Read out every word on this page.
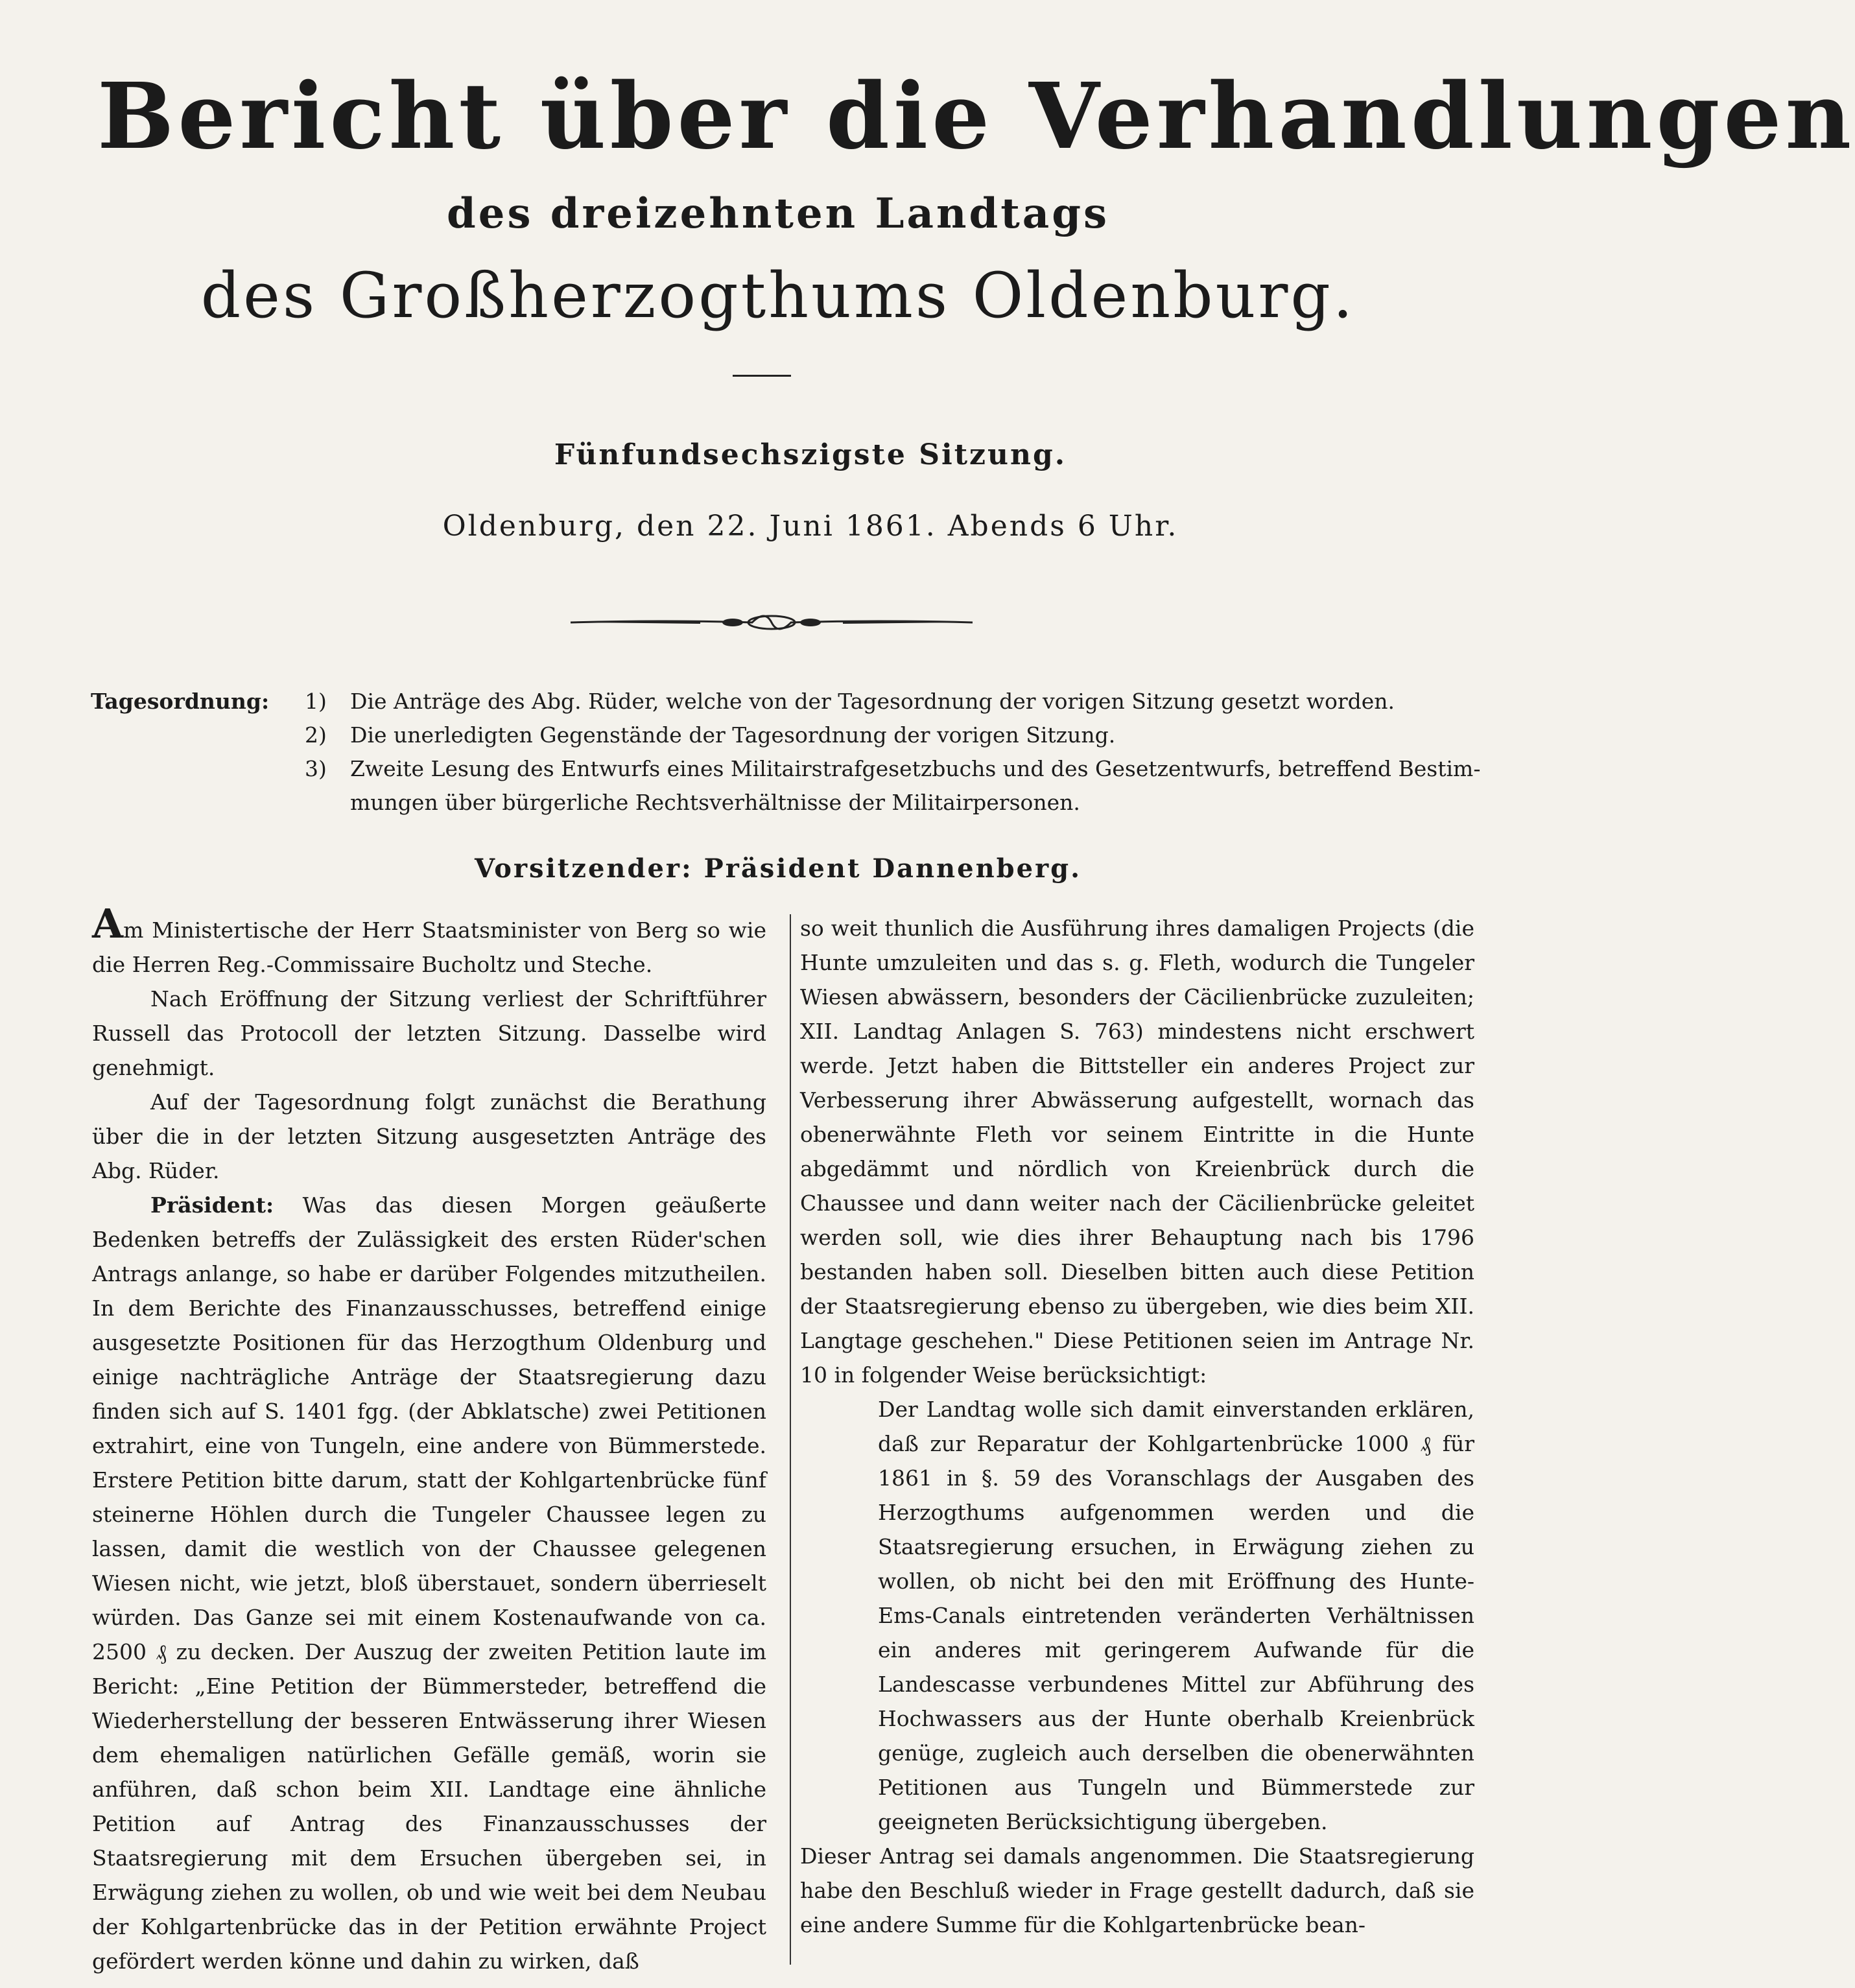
Bericht über die Verhandlungen
des dreizehnten Landtags
des Großherzogthums Oldenburg.
Fünfundsechszigste Sitzung.
Oldenburg, den 22. Juni 1861. Abends 6 Uhr.
Tagesordnung: 1) Die Anträge des Abg. Rüder, welche von der Tagesordnung der vorigen Sitzung gesetzt worden.
2) Die unerledigten Gegenstände der Tagesordnung der vorigen Sitzung.
3) Zweite Lesung des Entwurfs eines Militairstrafgesetzbuchs und des Gesetzentwurfs, betreffend Bestim-
mungen über bürgerliche Rechtsverhältnisse der Militairpersonen.
Vorsitzender: Präsident Dannenberg.

Am Ministertische der Herr Staatsminister von Berg so wie die Herren Reg.-Commissaire Bucholtz und Steche.

Nach Eröffnung der Sitzung verliest der Schriftführer Russell das Protocoll der letzten Sitzung. Dasselbe wird genehmigt.

Auf der Tagesordnung folgt zunächst die Berathung über die in der letzten Sitzung ausgesetzten Anträge des Abg. Rüder.

Präsident: Was das diesen Morgen geäußerte Bedenken betreffs der Zulässigkeit des ersten Rüder'schen Antrags anlange, so habe er darüber Folgendes mitzutheilen. In dem Berichte des Finanzausschusses, betreffend einige ausgesetzte Positionen für das Herzogthum Oldenburg und einige nachträgliche Anträge der Staatsregierung dazu finden sich auf S. 1401 fgg. (der Abklatsche) zwei Petitionen extrahirt, eine von Tungeln, eine andere von Bümmerstede. Erstere Petition bitte darum, statt der Kohlgartenbrücke fünf steinerne Höhlen durch die Tungeler Chaussee legen zu lassen, damit die westlich von der Chaussee gelegenen Wiesen nicht, wie jetzt, bloß überstauet, sondern überrieselt würden. Das Ganze sei mit einem Kostenaufwande von ca. 2500 ₰ zu decken. Der Auszug der zweiten Petition laute im Bericht: „Eine Petition der Bümmersteder, betreffend die Wiederherstellung der besseren Entwässerung ihrer Wiesen dem ehemaligen natürlichen Gefälle gemäß, worin sie anführen, daß schon beim XII. Landtage eine ähnliche Petition auf Antrag des Finanzausschusses der Staatsregierung mit dem Ersuchen übergeben sei, in Erwägung ziehen zu wollen, ob und wie weit bei dem Neubau der Kohlgartenbrücke das in der Petition erwähnte Project gefördert werden könne und dahin zu wirken, daß

so weit thunlich die Ausführung ihres damaligen Projects (die Hunte umzuleiten und das s. g. Fleth, wodurch die Tungeler Wiesen abwässern, besonders der Cäcilienbrücke zuzuleiten; XII. Landtag Anlagen S. 763) mindestens nicht erschwert werde. Jetzt haben die Bittsteller ein anderes Project zur Verbesserung ihrer Abwässerung aufgestellt, wornach das obenerwähnte Fleth vor seinem Eintritte in die Hunte abgedämmt und nördlich von Kreienbrück durch die Chaussee und dann weiter nach der Cäcilienbrücke geleitet werden soll, wie dies ihrer Behauptung nach bis 1796 bestanden haben soll. Dieselben bitten auch diese Petition der Staatsregierung ebenso zu übergeben, wie dies beim XII. Langtage geschehen." Diese Petitionen seien im Antrage Nr. 10 in folgender Weise berücksichtigt:

Der Landtag wolle sich damit einverstanden erklären, daß zur Reparatur der Kohlgartenbrücke 1000 ₰ für 1861 in §. 59 des Voranschlags der Ausgaben des Herzogthums aufgenommen werden und die Staatsregierung ersuchen, in Erwägung ziehen zu wollen, ob nicht bei den mit Eröffnung des Hunte-Ems-Canals eintretenden veränderten Verhältnissen ein anderes mit geringerem Aufwande für die Landescasse verbundenes Mittel zur Abführung des Hochwassers aus der Hunte oberhalb Kreienbrück genüge, zugleich auch derselben die obenerwähnten Petitionen aus Tungeln und Bümmerstede zur geeigneten Berücksichtigung übergeben.

Dieser Antrag sei damals angenommen. Die Staatsregierung habe den Beschluß wieder in Frage gestellt dadurch, daß sie eine andere Summe für die Kohlgartenbrücke bean-
